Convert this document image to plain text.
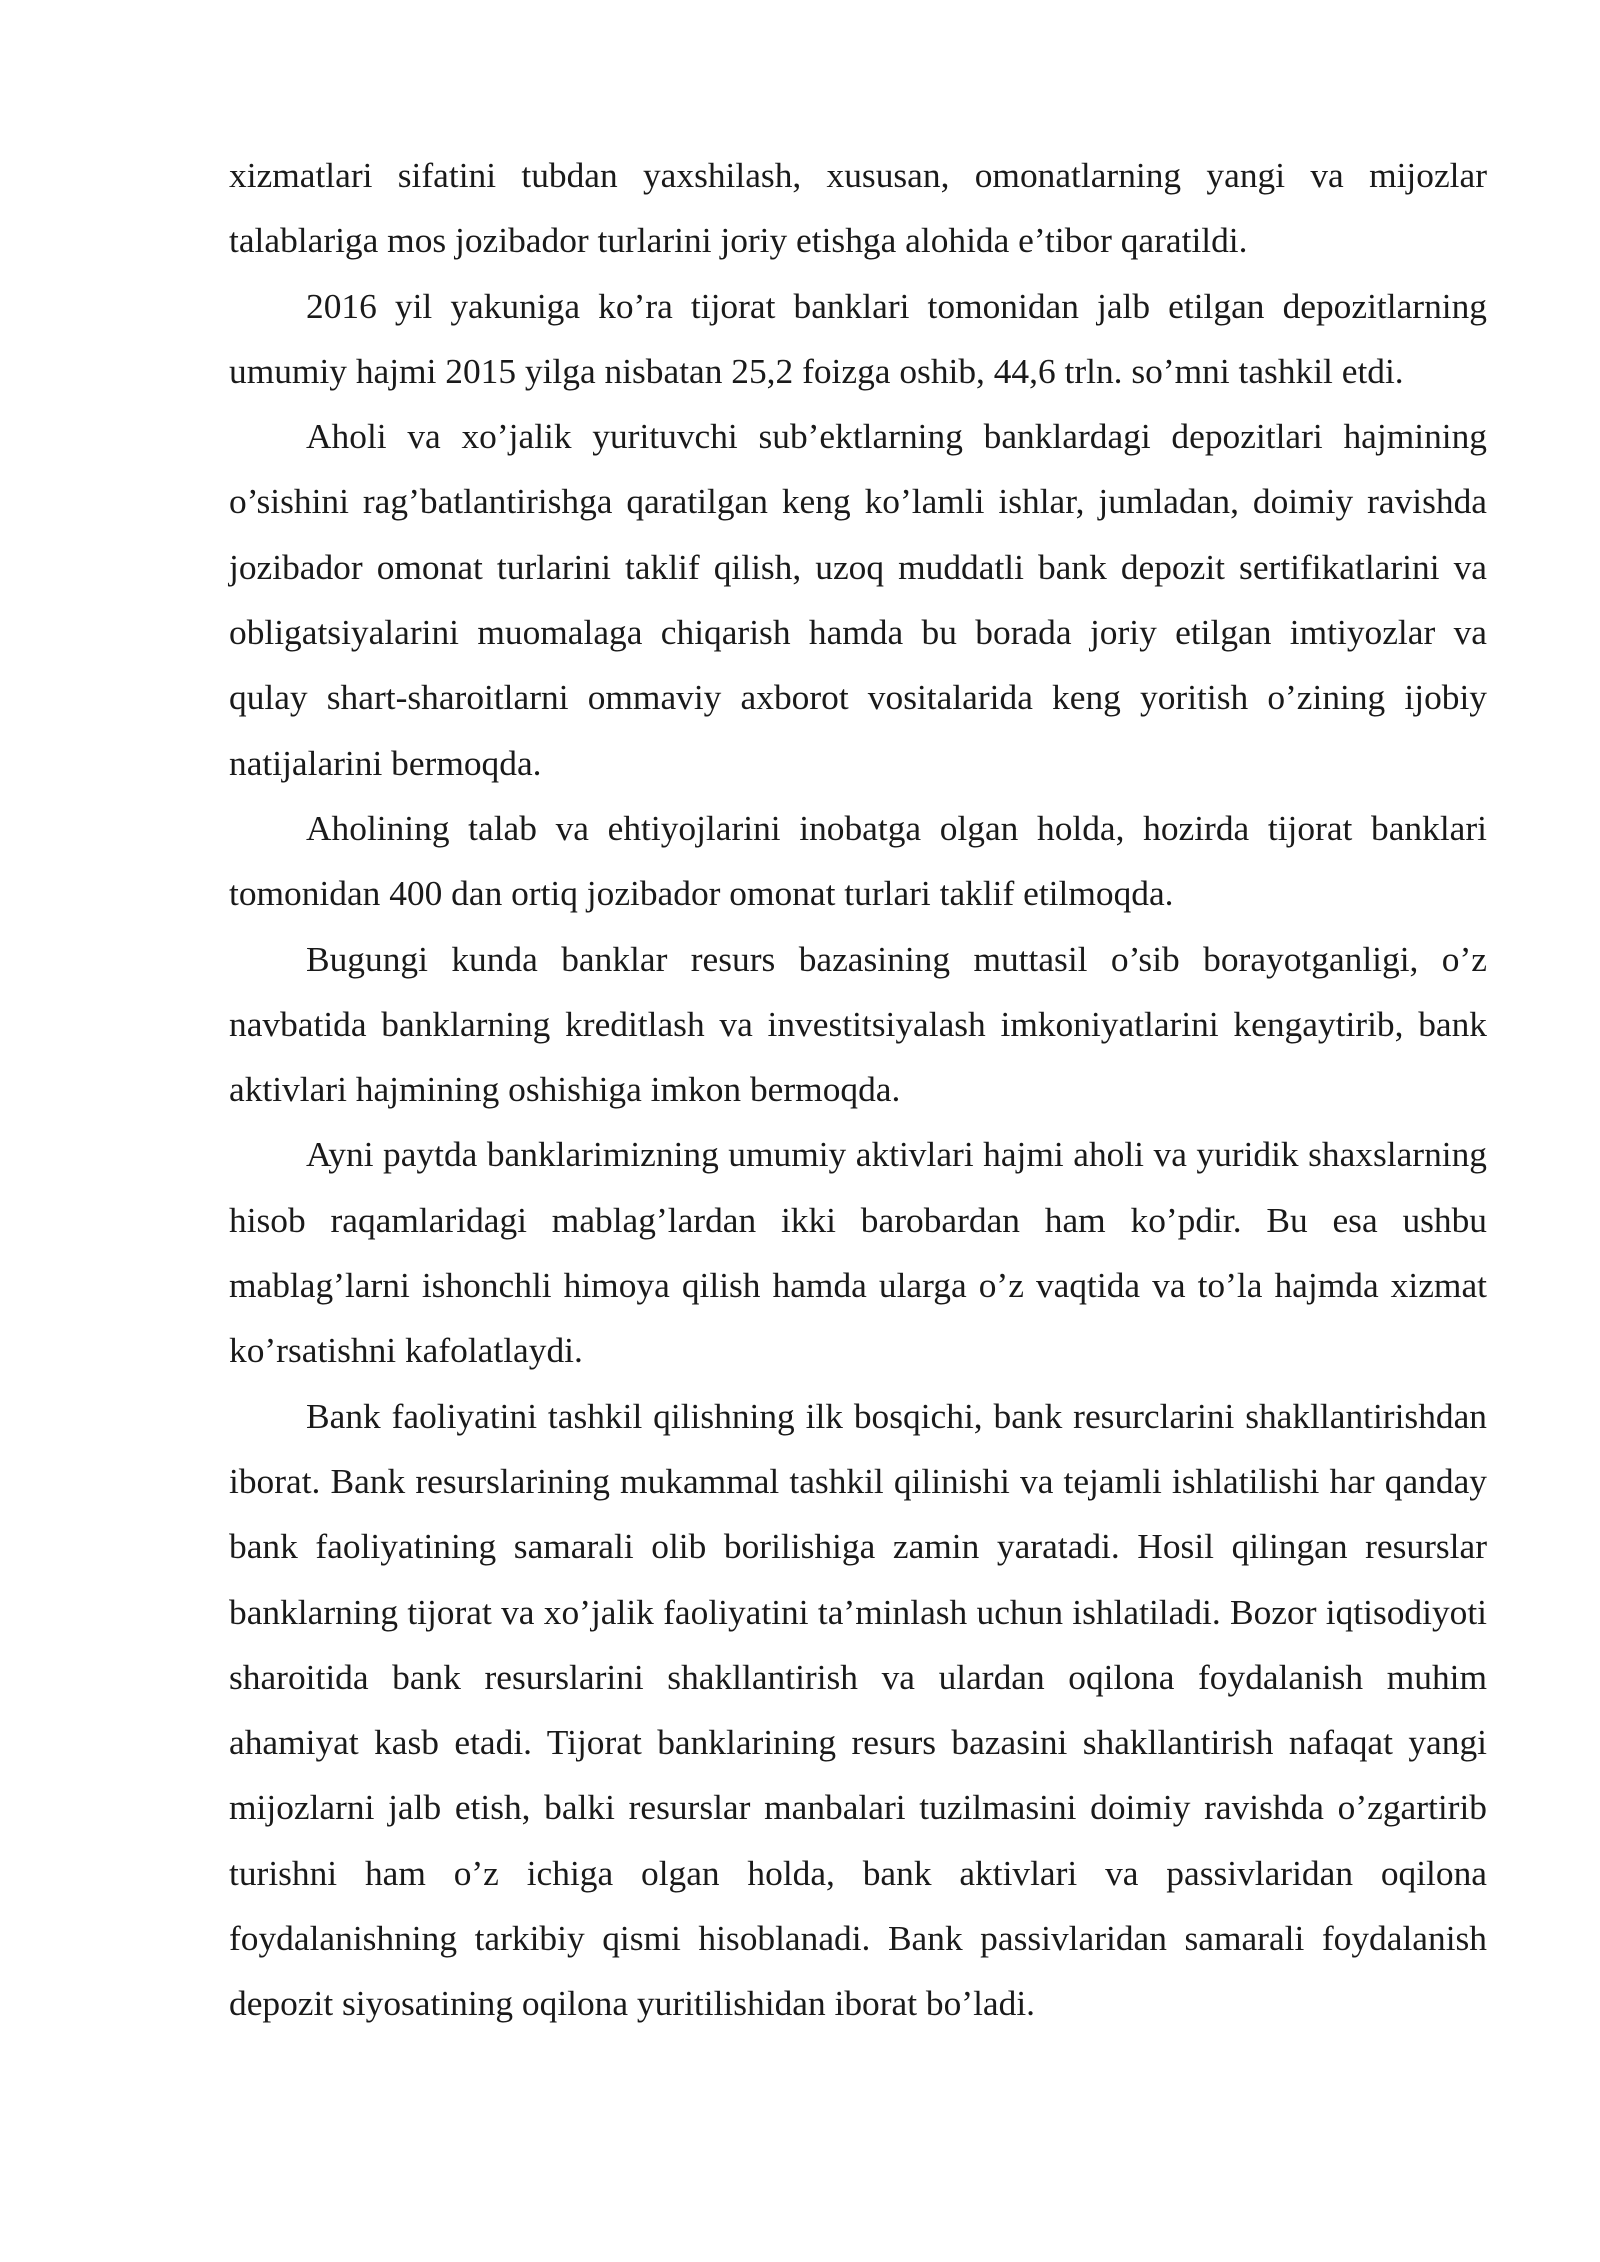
xizmatlari sifatini tubdan yaxshilash, xususan, omonatlarning yangi va mijozlar talablariga mos jozibador turlarini joriy etishga alohida e’tibor qaratildi.

2016 yil yakuniga ko’ra tijorat banklari tomonidan jalb etilgan depozitlarning umumiy hajmi 2015 yilga nisbatan 25,2 foizga oshib, 44,6 trln. so’mni tashkil etdi.

Aholi va xo’jalik yurituvchi sub’ektlarning banklardagi depozitlari hajmining o’sishini rag’batlantirishga qaratilgan keng ko’lamli ishlar, jumladan, doimiy ravishda jozibador omonat turlarini taklif qilish, uzoq muddatli bank depozit sertifikatlarini va obligatsiyalarini muomalaga chiqarish hamda bu borada joriy etilgan imtiyozlar va qulay shart-sharoitlarni ommaviy axborot vositalarida keng yoritish o’zining ijobiy natijalarini bermoqda.

Aholining talab va ehtiyojlarini inobatga olgan holda, hozirda tijorat banklari tomonidan 400 dan ortiq jozibador omonat turlari taklif etilmoqda.

Bugungi kunda banklar resurs bazasining muttasil o’sib borayotganligi, o’z navbatida banklarning kreditlash va investitsiyalash imkoniyatlarini kengaytirib, bank aktivlari hajmining oshishiga imkon bermoqda.

Ayni paytda banklarimizning umumiy aktivlari hajmi aholi va yuridik shaxslarning hisob raqamlaridagi mablag’lardan ikki barobardan ham ko’pdir. Bu esa ushbu mablag’larni ishonchli himoya qilish hamda ularga o’z vaqtida va to’la hajmda xizmat ko’rsatishni kafolatlaydi.

Bank faoliyatini tashkil qilishning ilk bosqichi, bank resurclarini shakllantirishdan iborat. Bank resurslarining mukammal tashkil qilinishi va tejamli ishlatilishi har qanday bank faoliyatining samarali olib borilishiga zamin yaratadi. Hosil qilingan resurslar banklarning tijorat va xo’jalik faoliyatini ta’minlash uchun ishlatiladi. Bozor iqtisodiyoti sharoitida bank resurslarini shakllantirish va ulardan oqilona foydalanish muhim ahamiyat kasb etadi. Tijorat banklarining resurs bazasini shakllantirish nafaqat yangi mijozlarni jalb etish, balki resurslar manbalari tuzilmasini doimiy ravishda o’zgartirib turishni ham o’z ichiga olgan holda, bank aktivlari va passivlaridan oqilona foydalanishning tarkibiy qismi hisoblanadi. Bank passivlaridan samarali foydalanish depozit siyosatining oqilona yuritilishidan iborat bo’ladi.
